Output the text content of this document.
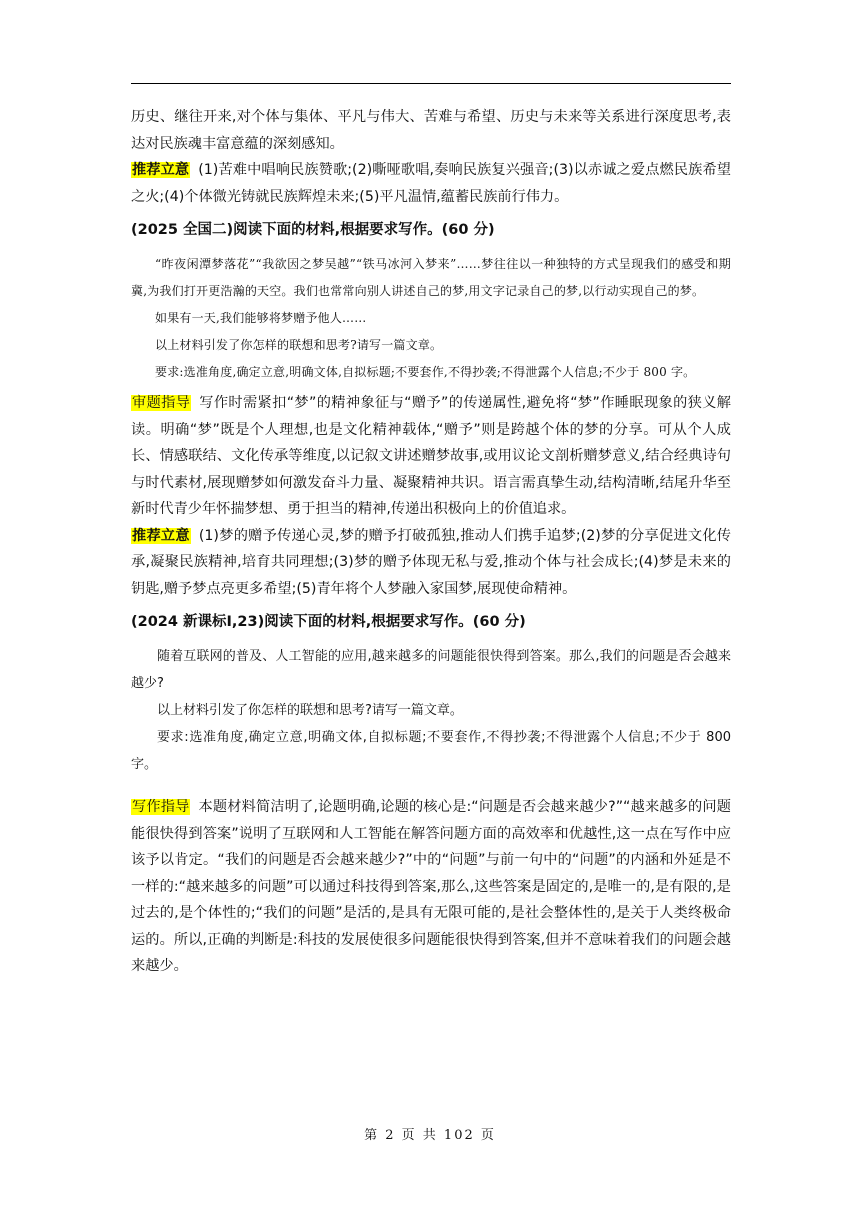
历史、继往开来,对个体与集体、平凡与伟大、苦难与希望、历史与未来等关系进行深度思考,表达对民族魂丰富意蕴的深刻感知。

推荐立意 (1)苦难中唱响民族赞歌;(2)嘶哑歌唱,奏响民族复兴强音;(3)以赤诚之爱点燃民族希望之火;(4)个体微光铸就民族辉煌未来;(5)平凡温情,蕴蓄民族前行伟力。

(2025 全国二)阅读下面的材料,根据要求写作。(60 分)

“昨夜闲潭梦落花”“我欲因之梦吴越”“铁马冰河入梦来”……梦往往以一种独特的方式呈现我们的感受和期冀,为我们打开更浩瀚的天空。我们也常常向别人讲述自己的梦,用文字记录自己的梦,以行动实现自己的梦。

如果有一天,我们能够将梦赠予他人……

以上材料引发了你怎样的联想和思考?请写一篇文章。

要求:选准角度,确定立意,明确文体,自拟标题;不要套作,不得抄袭;不得泄露个人信息;不少于 800 字。

审题指导 写作时需紧扣“梦”的精神象征与“赠予”的传递属性,避免将“梦”作睡眠现象的狭义解读。明确“梦”既是个人理想,也是文化精神载体,“赠予”则是跨越个体的梦的分享。可从个人成长、情感联结、文化传承等维度,以记叙文讲述赠梦故事,或用议论文剖析赠梦意义,结合经典诗句与时代素材,展现赠梦如何激发奋斗力量、凝聚精神共识。语言需真挚生动,结构清晰,结尾升华至新时代青少年怀揣梦想、勇于担当的精神,传递出积极向上的价值追求。

推荐立意 (1)梦的赠予传递心灵,梦的赠予打破孤独,推动人们携手追梦;(2)梦的分享促进文化传承,凝聚民族精神,培育共同理想;(3)梦的赠予体现无私与爱,推动个体与社会成长;(4)梦是未来的钥匙,赠予梦点亮更多希望;(5)青年将个人梦融入家国梦,展现使命精神。

(2024 新课标Ⅰ,23)阅读下面的材料,根据要求写作。(60 分)

随着互联网的普及、人工智能的应用,越来越多的问题能很快得到答案。那么,我们的问题是否会越来越少?

以上材料引发了你怎样的联想和思考?请写一篇文章。

要求:选准角度,确定立意,明确文体,自拟标题;不要套作,不得抄袭;不得泄露个人信息;不少于 800 字。

写作指导 本题材料简洁明了,论题明确,论题的核心是:“问题是否会越来越少?”“越来越多的问题能很快得到答案”说明了互联网和人工智能在解答问题方面的高效率和优越性,这一点在写作中应该予以肯定。“我们的问题是否会越来越少?”中的“问题”与前一句中的“问题”的内涵和外延是不一样的:“越来越多的问题”可以通过科技得到答案,那么,这些答案是固定的,是唯一的,是有限的,是过去的,是个体性的;“我们的问题”是活的,是具有无限可能的,是社会整体性的,是关于人类终极命运的。所以,正确的判断是:科技的发展使很多问题能很快得到答案,但并不意味着我们的问题会越来越少。

第 2 页 共 102 页
